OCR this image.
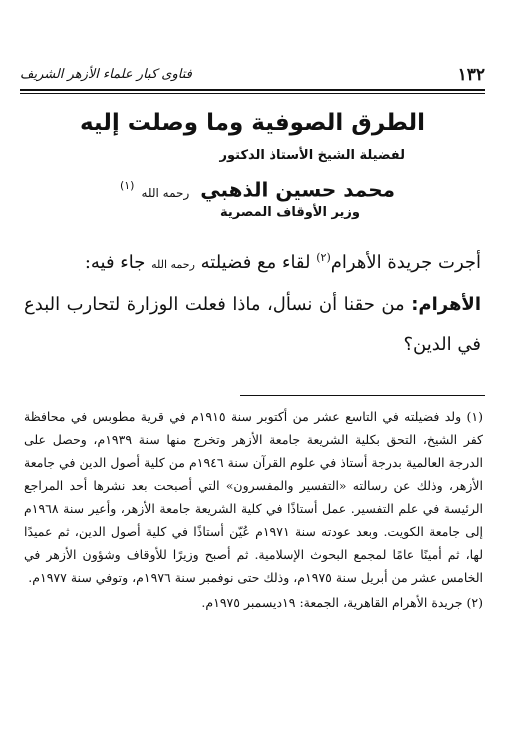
١٣٢
فتاوى كبار علماء الأزهر الشريف
الطرق الصوفية وما وصلت إليه
لفضيلة الشيخ الأستاذ الدكتور
محمد حسين الذهبي رحمه الله $^{(١)}$
وزير الأوقاف المصرية

أجرت جريدة الأهرام$^{(٢)}$ لقاء مع فضيلته رحمه الله جاء فيه:

الأهرام: من حقنا أن نسأل، ماذا فعلت الوزارة لتحارب البدع في الدين؟

(١) ولد فضيلته في التاسع عشر من أكتوبر سنة ١٩١٥م في قرية مطوبس في محافظة كفر الشيخ، التحق بكلية الشريعة جامعة الأزهر وتخرج منها سنة ١٩٣٩م، وحصل على الدرجة العالمية بدرجة أستاذ في علوم القرآن سنة ١٩٤٦م من كلية أصول الدين في جامعة الأزهر، وذلك عن رسالته «التفسير والمفسرون» التي أصبحت بعد نشرها أحد المراجع الرئيسة في علم التفسير. عمل أستاذًا في كلية الشريعة جامعة الأزهر، وأعير سنة ١٩٦٨م إلى جامعة الكويت. وبعد عودته سنة ١٩٧١م عُيّن أستاذًا في كلية أصول الدين، ثم عميدًا لها، ثم أمينًا عامًا لمجمع البحوث الإسلامية. ثم أصبح وزيرًا للأوقاف وشؤون الأزهر في الخامس عشر من أبريل سنة ١٩٧٥م، وذلك حتى نوفمبر سنة ١٩٧٦م، وتوفي سنة ١٩٧٧م.

(٢) جريدة الأهرام القاهرية، الجمعة: ١٩ديسمبر ١٩٧٥م.
